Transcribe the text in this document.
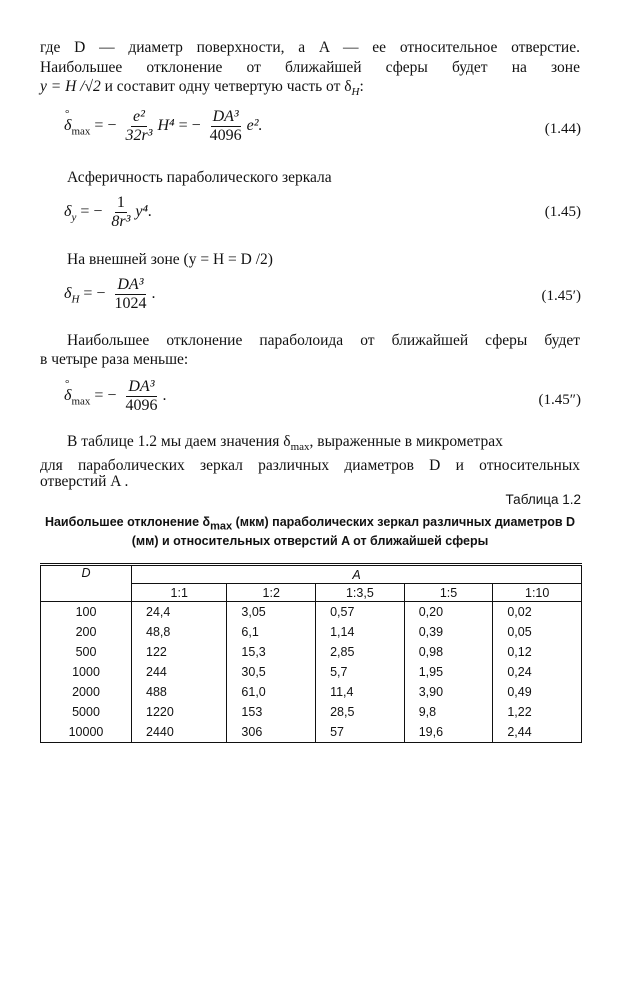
где D — диаметр поверхности, а A — ее относительное отверстие.
Наибольшее отклонение от ближайшей сферы будет на зоне
y = H /√2 и составит одну четвертую часть от $\delta_H$:
° $\delta_{max}$ = − $\frac{\text{e²}}{\text{32r³}} H^4$ = − $\frac{\text{DA³}}{4096} e^2$.	(1.44)
Асферичность параболического зеркала
$\delta_y$ = − $\frac{1}{\text{8r³}} y^4$.	(1.45)
На внешней зоне (y = H = D /2)
$\delta_H$ = − $\frac{\text{DA³}}{1024}$ .	(1.45′)
Наибольшее отклонение параболоида от ближайшей сферы будет
в четыре раза меньше:
° $\delta_{max}$ = − $\frac{\text{DA³}}{4096}$ .	(1.45″)
В таблице 1.2 мы даем значения $\delta_{max}$, выраженные в микрометрах
для параболических зеркал различных диаметров D и относительных
отверстий A .
Таблица 1.2
Наибольшее отклонение $\delta_{max}$ (мкм) параболических зеркал различных диаметров D
(мм) и относительных отверстий A от ближайшей сферы
D	A				
	1:1	1:2	1:3,5	1:5	1:10
100	24,4	3,05	0,57	0,20	0,02
200	48,8	6,1	1,14	0,39	0,05
500	122	15,3	2,85	0,98	0,12
1000	244	30,5	5,7	1,95	0,24
2000	488	61,0	11,4	3,90	0,49
5000	1220	153	28,5	9,8	1,22
10000	2440	306	57	19,6	2,44
